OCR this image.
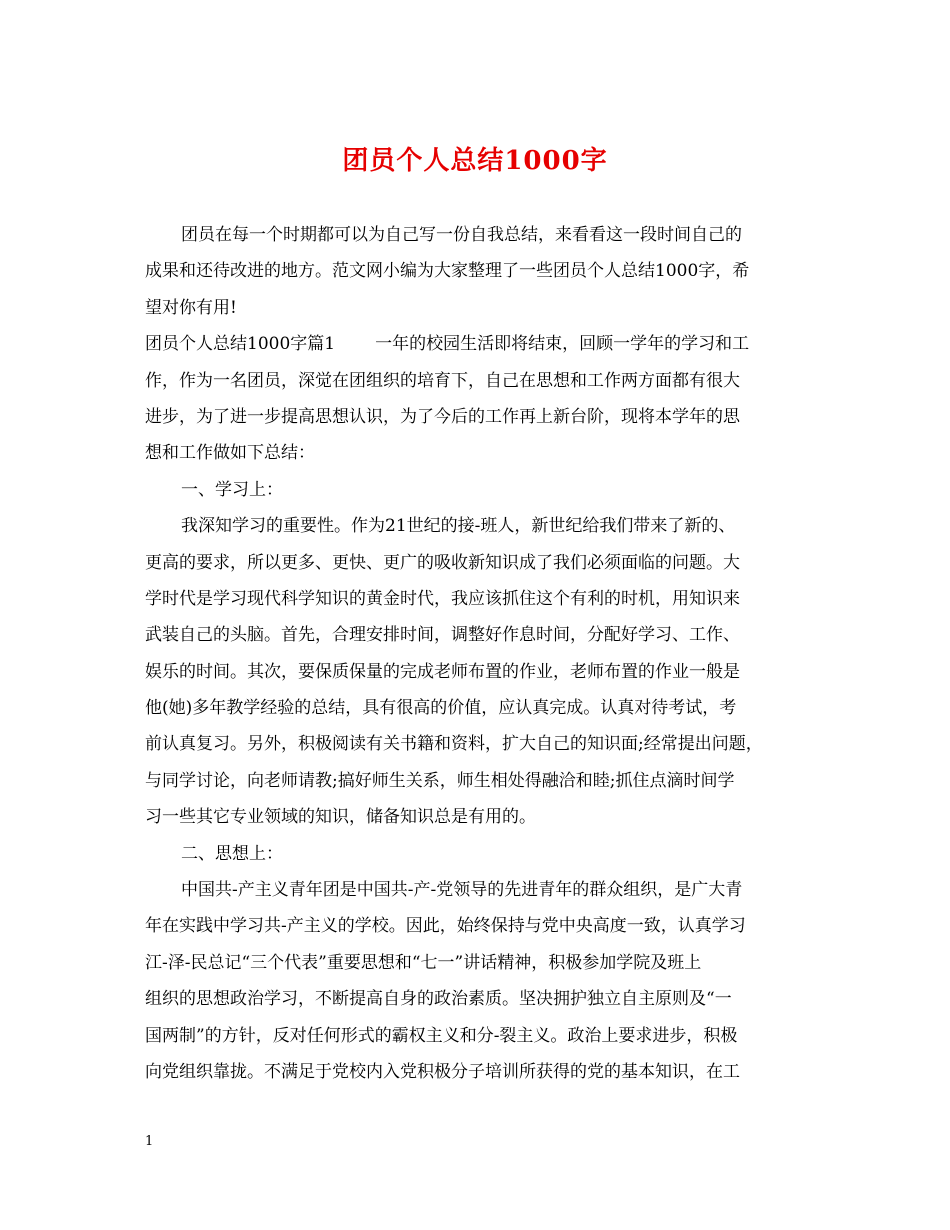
团员个人总结1000字
团员在每一个时期都可以为自己写一份自我总结，来看看这一段时间自己的
成果和还待改进的地方。范文网小编为大家整理了一些团员个人总结1000字，希
望对你有用!
团员个人总结1000字篇1 一年的校园生活即将结束，回顾一学年的学习和工
作，作为一名团员，深觉在团组织的培育下，自己在思想和工作两方面都有很大
进步，为了进一步提高思想认识，为了今后的工作再上新台阶，现将本学年的思
想和工作做如下总结：
一、学习上：
我深知学习的重要性。作为21世纪的接-班人，新世纪给我们带来了新的、
更高的要求，所以更多、更快、更广的吸收新知识成了我们必须面临的问题。大
学时代是学习现代科学知识的黄金时代，我应该抓住这个有利的时机，用知识来
武装自己的头脑。首先，合理安排时间，调整好作息时间，分配好学习、工作、
娱乐的时间。其次，要保质保量的完成老师布置的作业，老师布置的作业一般是
他(她)多年教学经验的总结，具有很高的价值，应认真完成。认真对待考试，考
前认真复习。另外，积极阅读有关书籍和资料，扩大自己的知识面;经常提出问题，
与同学讨论，向老师请教;搞好师生关系，师生相处得融洽和睦;抓住点滴时间学
习一些其它专业领域的知识，储备知识总是有用的。
二、思想上：
中国共-产主义青年团是中国共-产-党领导的先进青年的群众组织，是广大青
年在实践中学习共-产主义的学校。因此，始终保持与党中央高度一致，认真学习
江-泽-民总记“三个代表”重要思想和“七一”讲话精神，积极参加学院及班上
组织的思想政治学习，不断提高自身的政治素质。坚决拥护独立自主原则及“一
国两制”的方针，反对任何形式的霸权主义和分-裂主义。政治上要求进步，积极
向党组织靠拢。不满足于党校内入党积极分子培训所获得的党的基本知识，在工
1
